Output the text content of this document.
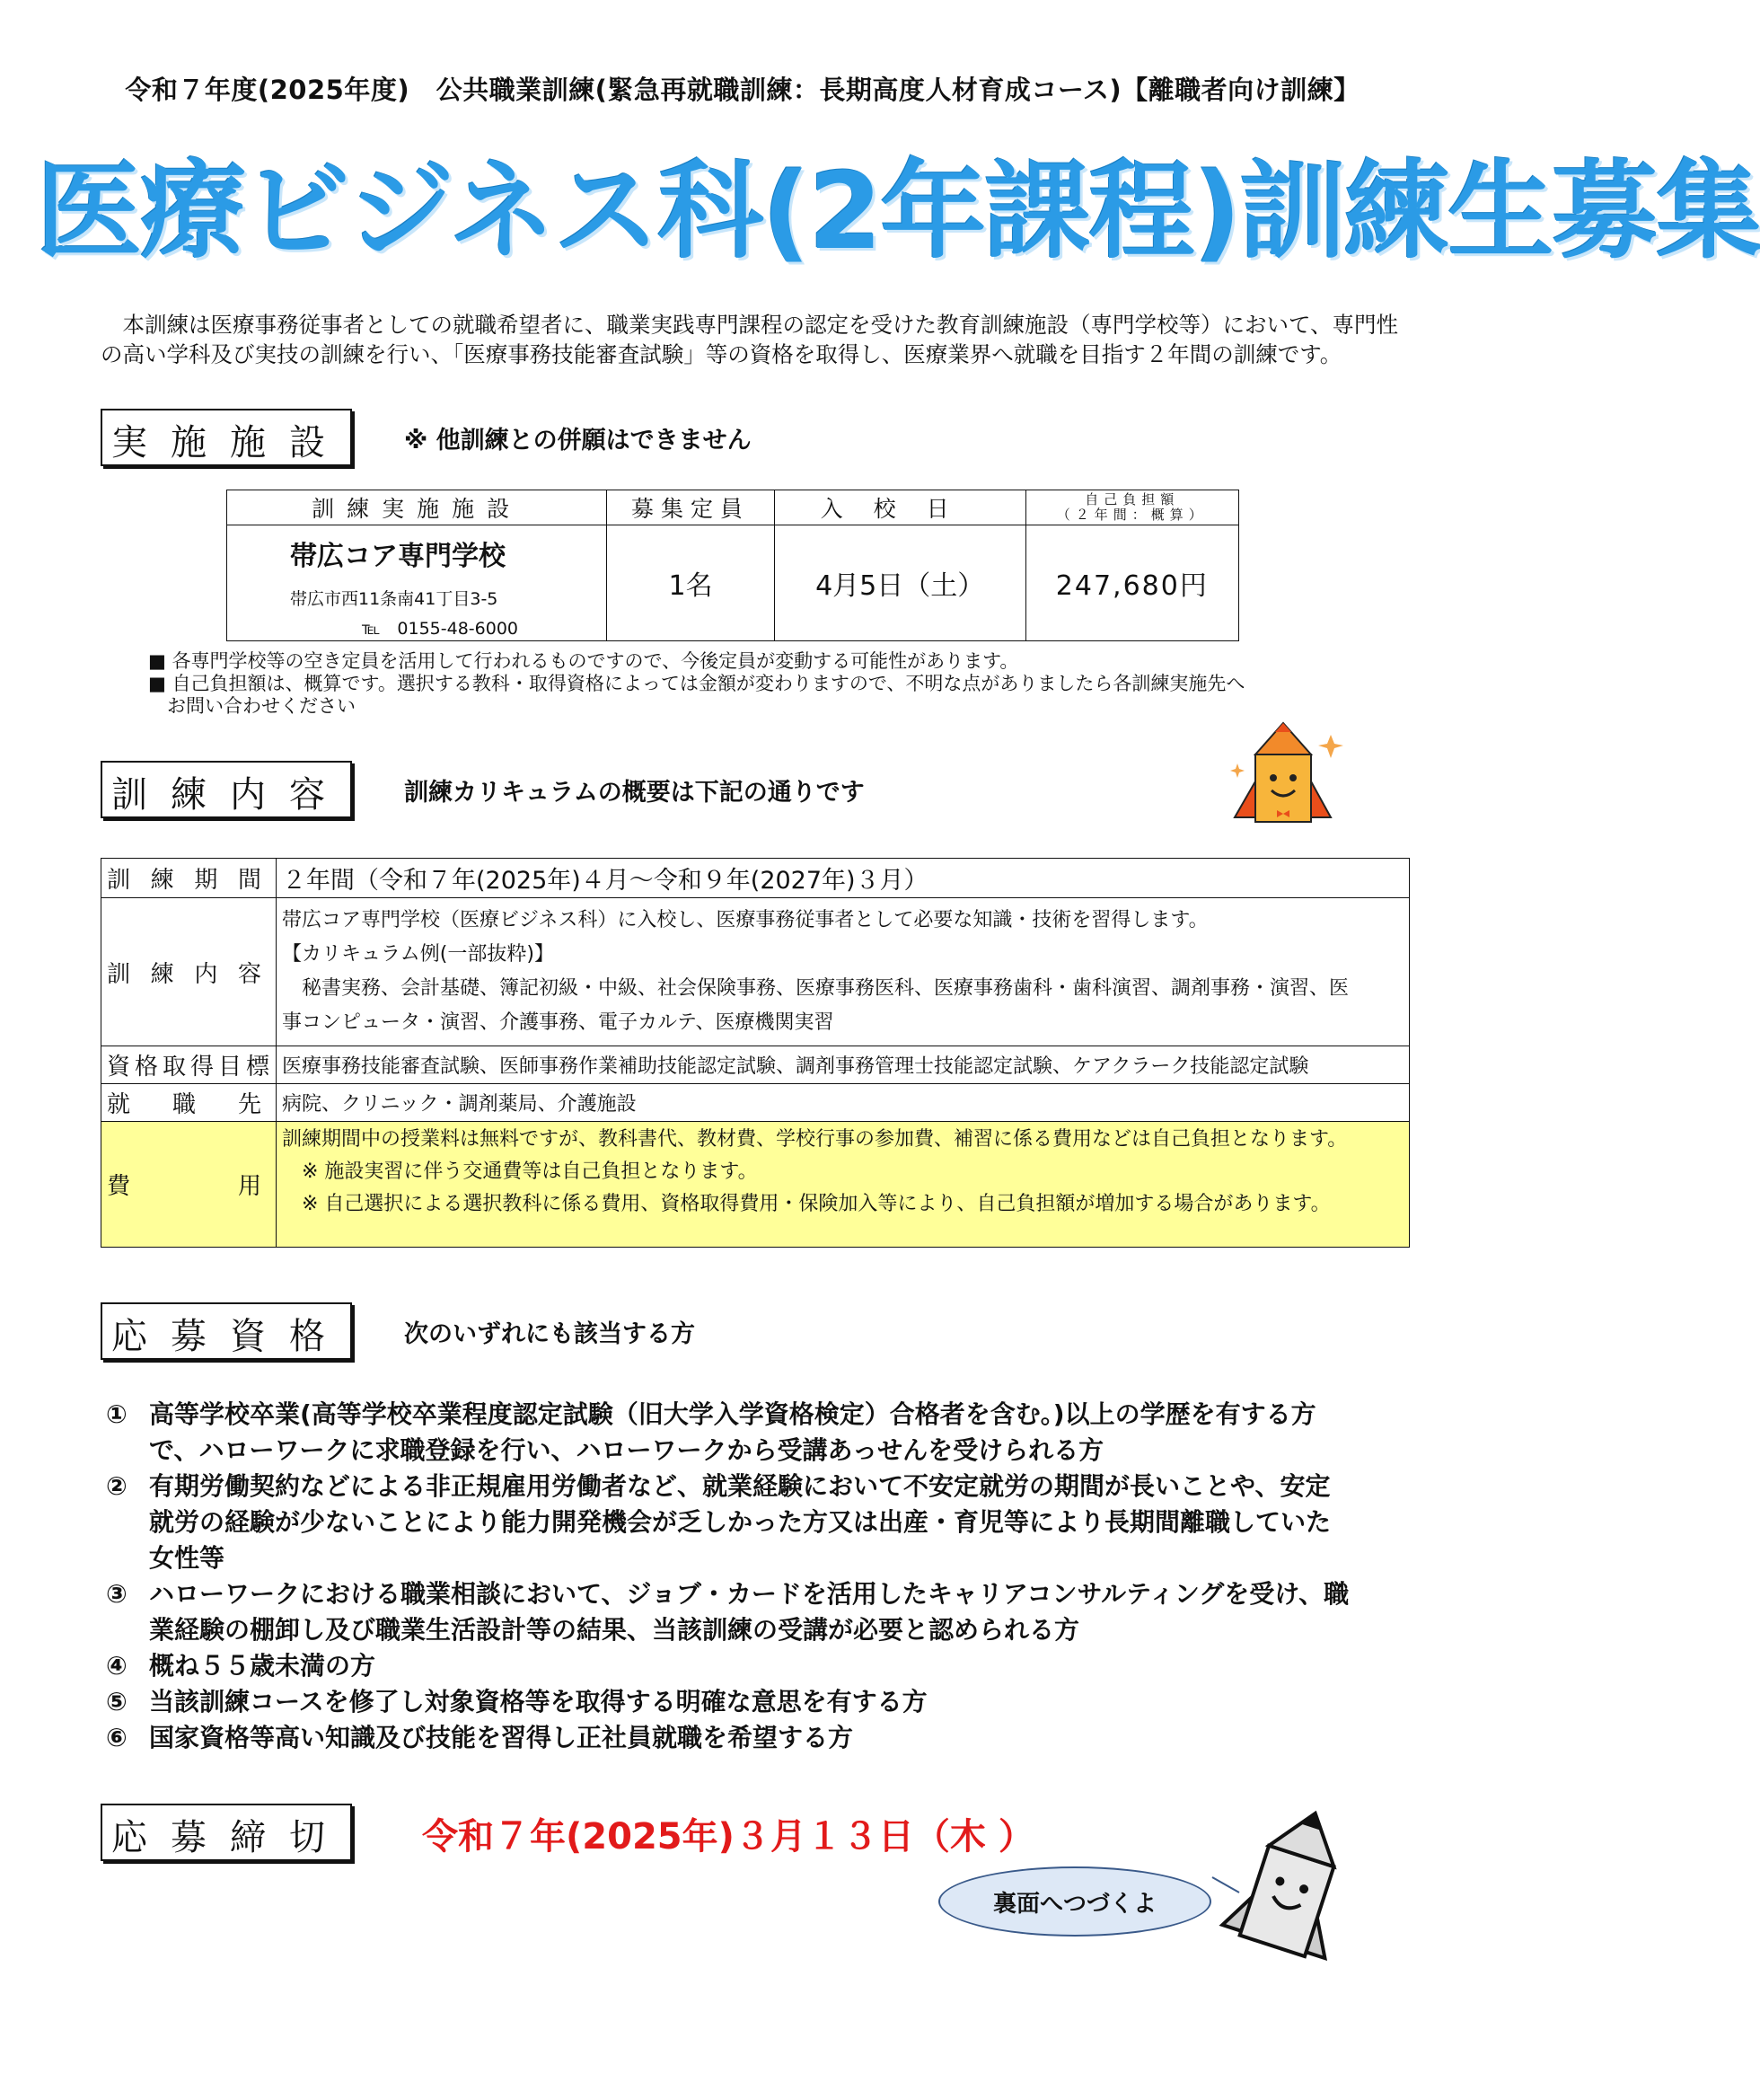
令和７年度(2025年度)　公共職業訓練(緊急再就職訓練：長期高度人材育成コース)【離職者向け訓練】
医療ビジネス科(2年課程)訓練生募集
　本訓練は医療事務従事者としての就職希望者に、職業実践専門課程の認定を受けた教育訓練施設（専門学校等）において、専門性の高い学科及び実技の訓練を行い、「医療事務技能審査試験」等の資格を取得し、医療業界へ就職を目指す２年間の訓練です。
実施施設 ※ 他訓練との併願はできません
訓練実施施設	募集定員	入校日	自己負担額
（２年間：概算）

帯広コア専門学校
帯広市西11条南41丁目3-5
℡　0155-48-6000	1名	4月5日（土）	247,680円
■ 各専門学校等の空き定員を活用して行われるものですので、今後定員が変動する可能性があります。
■ 自己負担額は、概算です。選択する教科・取得資格によっては金額が変わりますので、不明な点がありましたら各訓練実施先へ
　お問い合わせください
訓練内容 訓練カリキュラムの概要は下記の通りです
訓練期間	２年間（令和７年(2025年)４月〜令和９年(2027年)３月）
訓練内容	帯広コア専門学校（医療ビジネス科）に入校し、医療事務従事者として必要な知識・技術を習得します。
【カリキュラム例(一部抜粋)】
　秘書実務、会計基礎、簿記初級・中級、社会保険事務、医療事務医科、医療事務歯科・歯科演習、調剤事務・演習、医
事コンピュータ・演習、介護事務、電子カルテ、医療機関実習

資格取得目標	医療事務技能審査試験、医師事務作業補助技能認定試験、調剤事務管理士技能認定試験、ケアクラーク技能認定試験
就職先	病院、クリニック・調剤薬局、介護施設
費用	訓練期間中の授業料は無料ですが、教科書代、教材費、学校行事の参加費、補習に係る費用などは自己負担となります。
　※ 施設実習に伴う交通費等は自己負担となります。
　※ 自己選択による選択教科に係る費用、資格取得費用・保険加入等により、自己負担額が増加する場合があります。
応募資格 次のいずれにも該当する方
① 高等学校卒業(高等学校卒業程度認定試験（旧大学入学資格検定）合格者を含む。)以上の学歴を有する方で、ハローワークに求職登録を行い、ハローワークから受講あっせんを受けられる方
② 有期労働契約などによる非正規雇用労働者など、就業経験において不安定就労の期間が長いことや、安定就労の経験が少ないことにより能力開発機会が乏しかった方又は出産・育児等により長期間離職していた女性等
③ ハローワークにおける職業相談において、ジョブ・カードを活用したキャリアコンサルティングを受け、職業経験の棚卸し及び職業生活設計等の結果、当該訓練の受講が必要と認められる方
④ 概ね５５歳未満の方
⑤ 当該訓練コースを修了し対象資格等を取得する明確な意思を有する方
⑥ 国家資格等高い知識及び技能を習得し正社員就職を希望する方
応募締切 令和７年(2025年)３月１３日（木 ）
裏面へつづくよ
